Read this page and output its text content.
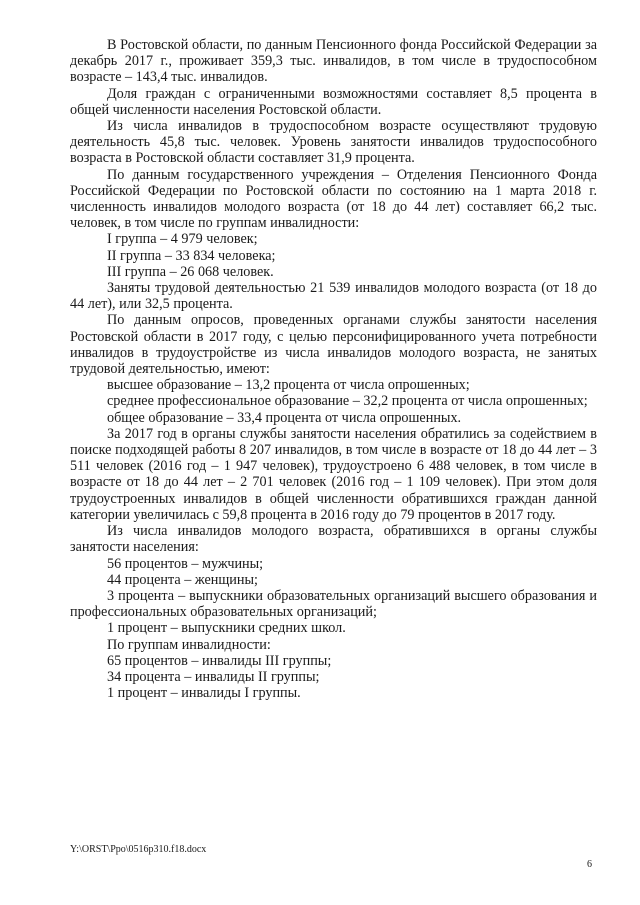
В Ростовской области, по данным Пенсионного фонда Российской Федерации за декабрь 2017 г., проживает 359,3 тыс. инвалидов, в том числе в трудоспособном возрасте – 143,4 тыс. инвалидов.

Доля граждан с ограниченными возможностями составляет 8,5 процента в общей численности населения Ростовской области.

Из числа инвалидов в трудоспособном возрасте осуществляют трудовую деятельность 45,8 тыс. человек. Уровень занятости инвалидов трудоспособного возраста в Ростовской области составляет 31,9 процента.

По данным государственного учреждения – Отделения Пенсионного Фонда Российской Федерации по Ростовской области по состоянию на 1 марта 2018 г. численность инвалидов молодого возраста (от 18 до 44 лет) составляет 66,2 тыс. человек, в том числе по группам инвалидности:

I группа – 4 979 человек;

II группа – 33 834 человека;

III группа – 26 068 человек.

Заняты трудовой деятельностью 21 539 инвалидов молодого возраста (от 18 до 44 лет), или 32,5 процента.

По данным опросов, проведенных органами службы занятости населения Ростовской области в 2017 году, с целью персонифицированного учета потребности инвалидов в трудоустройстве из числа инвалидов молодого возраста, не занятых трудовой деятельностью, имеют:

высшее образование – 13,2 процента от числа опрошенных;

среднее профессиональное образование – 32,2 процента от числа опрошенных;

общее образование – 33,4 процента от числа опрошенных.

За 2017 год в органы службы занятости населения обратились за содействием в поиске подходящей работы 8 207 инвалидов, в том числе в возрасте от 18 до 44 лет – 3 511 человек (2016 год – 1 947 человек), трудоустроено 6 488 человек, в том числе в возрасте от 18 до 44 лет – 2 701 человек (2016 год – 1 109 человек). При этом доля трудоустроенных инвалидов в общей численности обратившихся граждан данной категории увеличилась с 59,8 процента в 2016 году до 79 процентов в 2017 году.

Из числа инвалидов молодого возраста, обратившихся в органы службы занятости населения:

56 процентов – мужчины;

44 процента – женщины;

3 процента – выпускники образовательных организаций высшего образования и профессиональных образовательных организаций;

1 процент – выпускники средних школ.

По группам инвалидности:

65 процентов – инвалиды III группы;

34 процента – инвалиды II группы;

1 процент – инвалиды I группы.

Y:\ORST\Ppo\0516p310.f18.docx
6
